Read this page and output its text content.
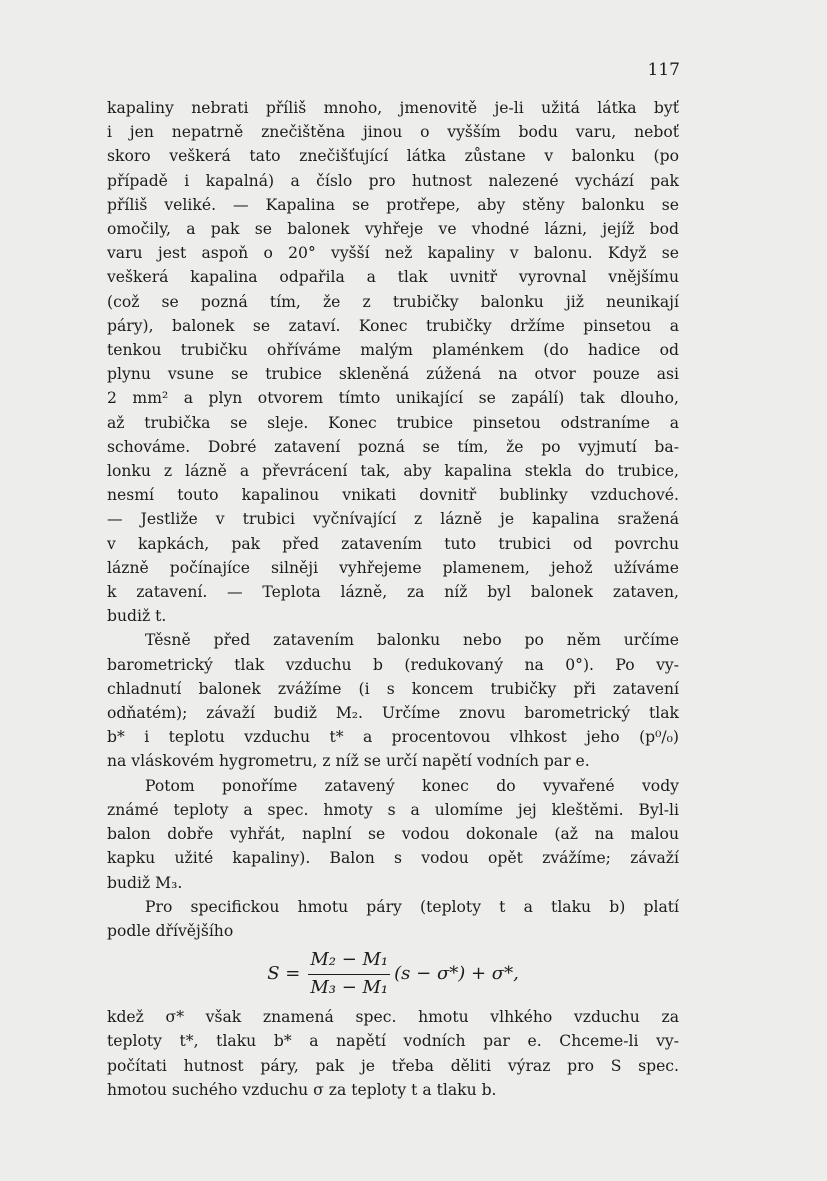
117

kapaliny nebrati příliš mnoho, jmenovitě je-li užitá látka byť
i jen nepatrně znečištěna jinou o vyšším bodu varu, neboť
skoro veškerá tato znečišťující látka zůstane v balonku (po
případě i kapalná) a číslo pro hutnost nalezené vychází pak
příliš veliké. — Kapalina se protřepe, aby stěny balonku se
omočily, a pak se balonek vyhřeje ve vhodné lázni, jejíž bod
varu jest aspoň o 20° vyšší než kapaliny v balonu. Když se
veškerá kapalina odpařila a tlak uvnitř vyrovnal vnějšímu
(což se pozná tím, že z trubičky balonku již neunikají
páry), balonek se zataví. Konec trubičky držíme pinsetou a
tenkou trubičku ohříváme malým plaménkem (do hadice od
plynu vsune se trubice skleněná zúžená na otvor pouze asi
2 mm² a plyn otvorem tímto unikající se zapálí) tak dlouho,
až trubička se sleje. Konec trubice pinsetou odstraníme a
schováme. Dobré zatavení pozná se tím, že po vyjmutí ba-
lonku z lázně a převrácení tak, aby kapalina stekla do trubice,
nesmí touto kapalinou vnikati dovnitř bublinky vzduchové.
— Jestliže v trubici vyčnívající z lázně je kapalina sražená
v kapkách, pak před zatavením tuto trubici od povrchu
lázně počínajíce silněji vyhřejeme plamenem, jehož užíváme
k zatavení. — Teplota lázně, za níž byl balonek zataven,
budiž t.

Těsně před zatavením balonku nebo po něm určíme
barometrický tlak vzduchu b (redukovaný na 0°). Po vy-
chladnutí balonek zvážíme (i s koncem trubičky při zatavení
odňatém); závaží budiž M₂. Určíme znovu barometrický tlak
b* i teplotu vzduchu t* a procentovou vlhkost jeho (p⁰/₀)
na vláskovém hygrometru, z níž se určí napětí vodních par e.

Potom ponoříme zatavený konec do vyvařené vody
známé teploty a spec. hmoty s a ulomíme jej kleštěmi. Byl-li
balon dobře vyhřát, naplní se vodou dokonale (až na malou
kapku užité kapaliny). Balon s vodou opět zvážíme; závaží
budiž M₃.

Pro specifickou hmotu páry (teploty t a tlaku b) platí
podle dřívějšího

$S = \frac{\text{M₂ − M₁}}{\text{M₃ − M₁}} (s - \sigma*) + \sigma*$,

kdež σ* však znamená spec. hmotu vlhkého vzduchu za
teploty t*, tlaku b* a napětí vodních par e. Chceme-li vy-
počítati hutnost páry, pak je třeba děliti výraz pro S spec.
hmotou suchého vzduchu σ za teploty t a tlaku b.
